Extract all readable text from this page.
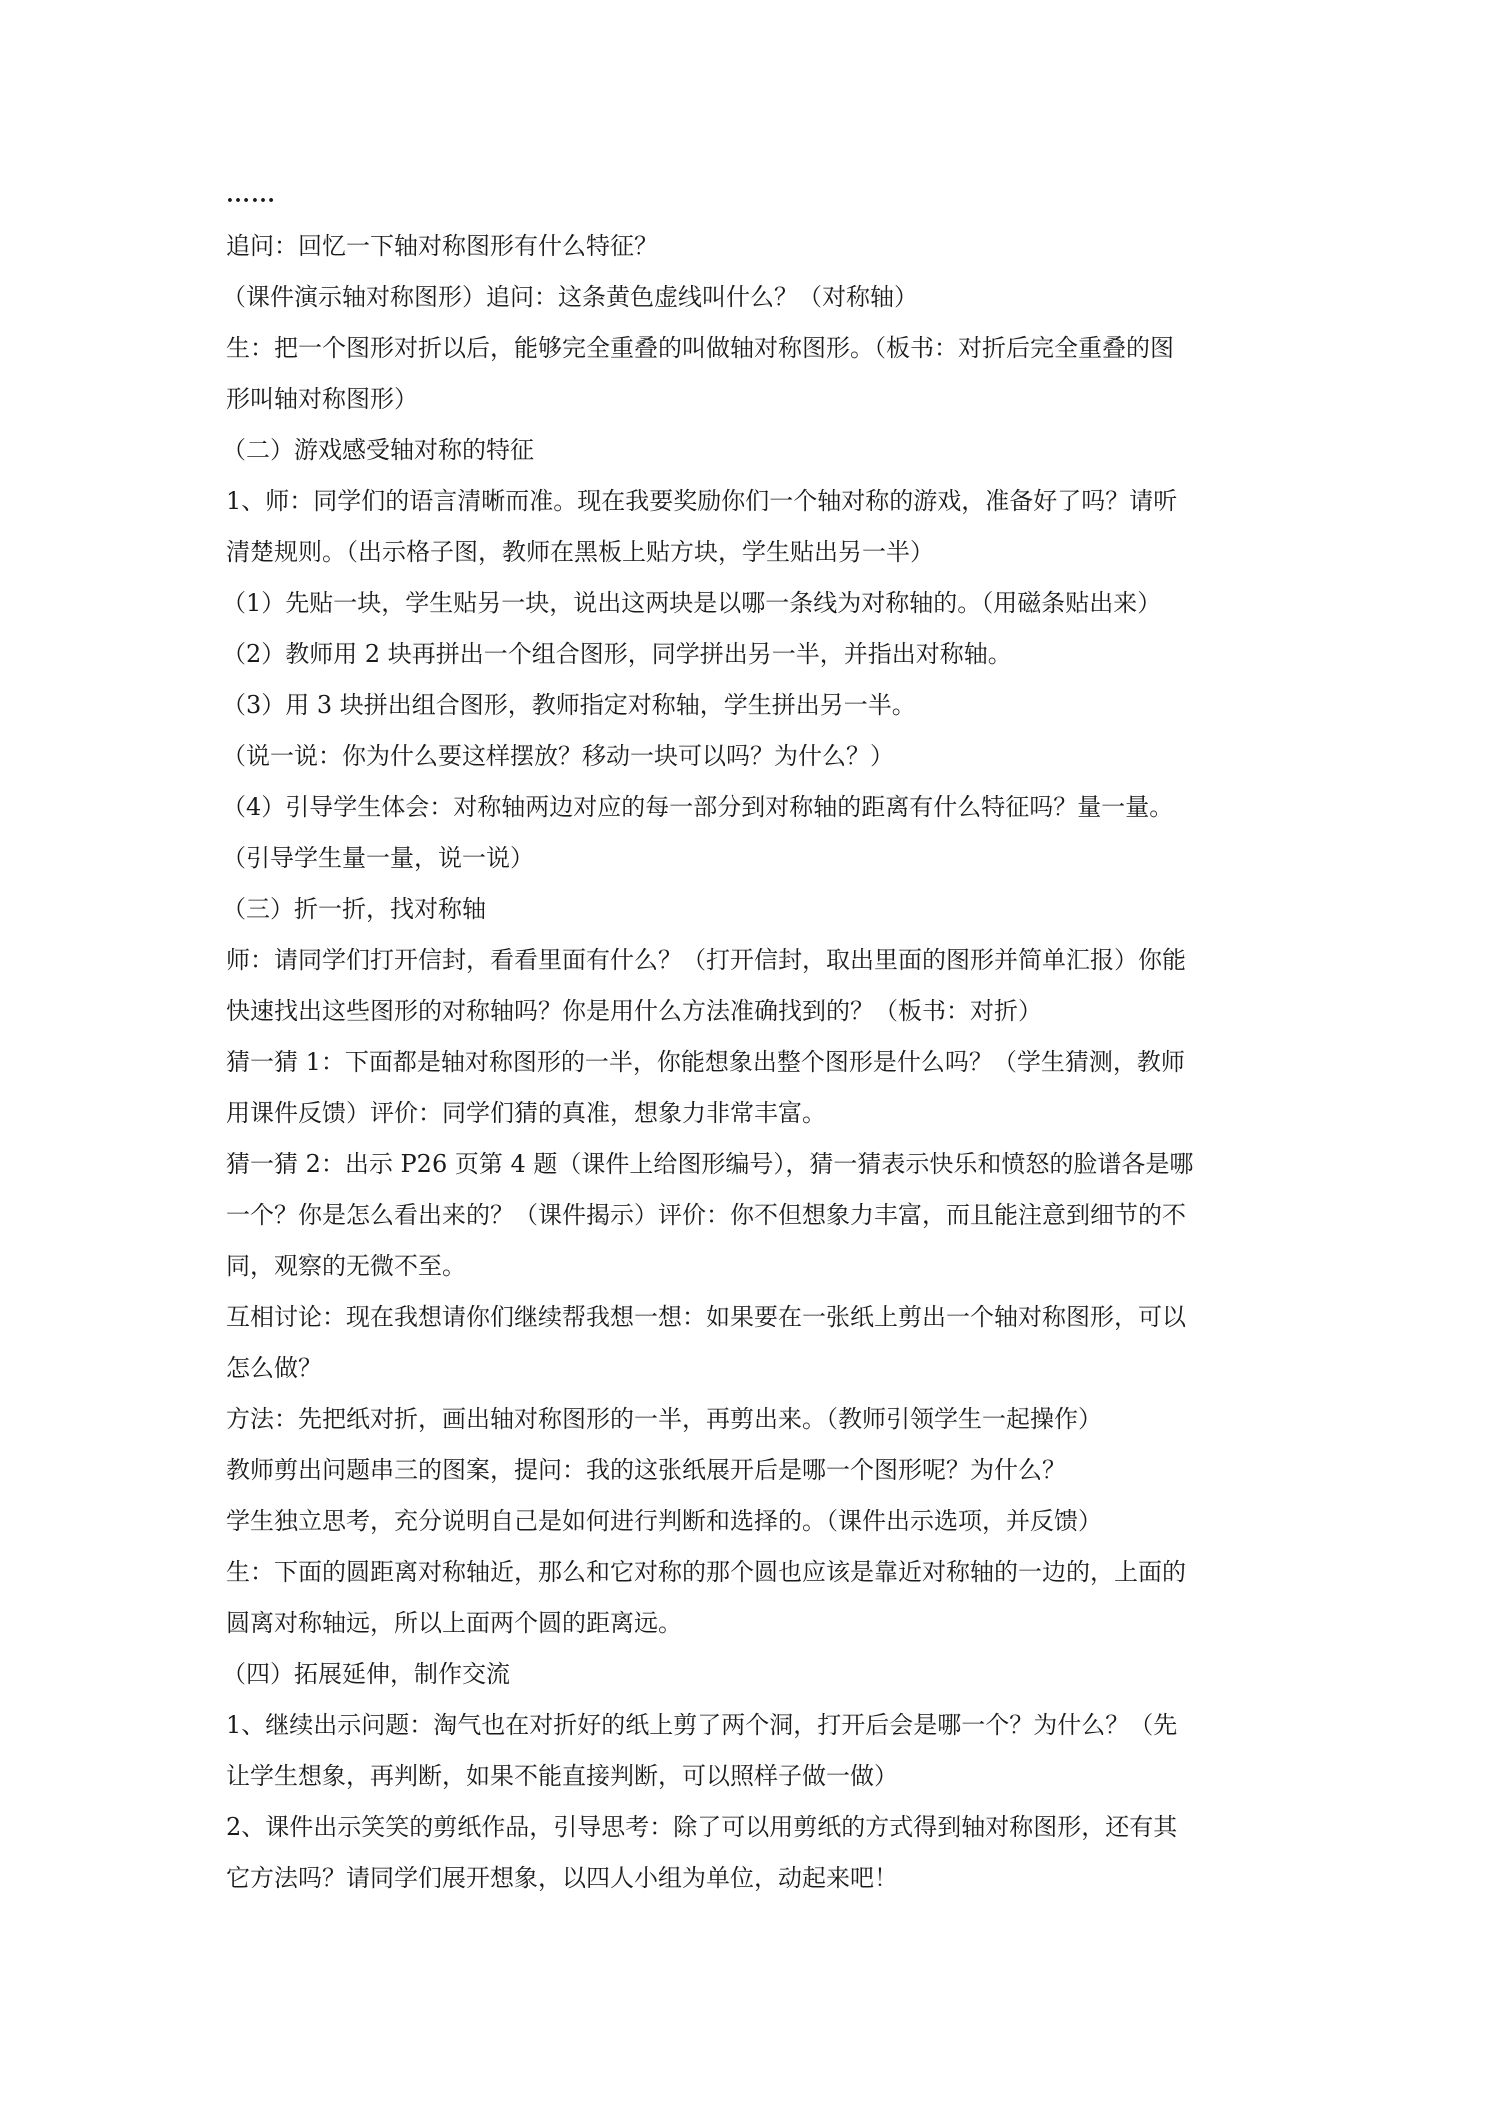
……
追问：回忆一下轴对称图形有什么特征？
（课件演示轴对称图形）追问：这条黄色虚线叫什么？（对称轴）
生：把一个图形对折以后，能够完全重叠的叫做轴对称图形。（板书：对折后完全重叠的图
形叫轴对称图形）
（二）游戏感受轴对称的特征
1、师：同学们的语言清晰而准。现在我要奖励你们一个轴对称的游戏，准备好了吗？请听
清楚规则。（出示格子图，教师在黑板上贴方块，学生贴出另一半）
（1）先贴一块，学生贴另一块，说出这两块是以哪一条线为对称轴的。（用磁条贴出来）
（2）教师用 2 块再拼出一个组合图形，同学拼出另一半，并指出对称轴。
（3）用 3 块拼出组合图形，教师指定对称轴，学生拼出另一半。
（说一说：你为什么要这样摆放？移动一块可以吗？为什么？）
（4）引导学生体会：对称轴两边对应的每一部分到对称轴的距离有什么特征吗？量一量。
（引导学生量一量，说一说）
（三）折一折，找对称轴
师：请同学们打开信封，看看里面有什么？（打开信封，取出里面的图形并简单汇报）你能
快速找出这些图形的对称轴吗？你是用什么方法准确找到的？（板书：对折）
猜一猜 1：下面都是轴对称图形的一半，你能想象出整个图形是什么吗？（学生猜测，教师
用课件反馈）评价：同学们猜的真准，想象力非常丰富。
猜一猜 2：出示 P26 页第 4 题（课件上给图形编号），猜一猜表示快乐和愤怒的脸谱各是哪
一个？你是怎么看出来的？（课件揭示）评价：你不但想象力丰富，而且能注意到细节的不
同，观察的无微不至。
互相讨论：现在我想请你们继续帮我想一想：如果要在一张纸上剪出一个轴对称图形，可以
怎么做？
方法：先把纸对折，画出轴对称图形的一半，再剪出来。（教师引领学生一起操作）
教师剪出问题串三的图案，提问：我的这张纸展开后是哪一个图形呢？为什么？
学生独立思考，充分说明自己是如何进行判断和选择的。（课件出示选项，并反馈）
生：下面的圆距离对称轴近，那么和它对称的那个圆也应该是靠近对称轴的一边的，上面的
圆离对称轴远，所以上面两个圆的距离远。
（四）拓展延伸，制作交流
1、继续出示问题：淘气也在对折好的纸上剪了两个洞，打开后会是哪一个？为什么？（先
让学生想象，再判断，如果不能直接判断，可以照样子做一做）
2、课件出示笑笑的剪纸作品，引导思考：除了可以用剪纸的方式得到轴对称图形，还有其
它方法吗？请同学们展开想象，以四人小组为单位，动起来吧！
